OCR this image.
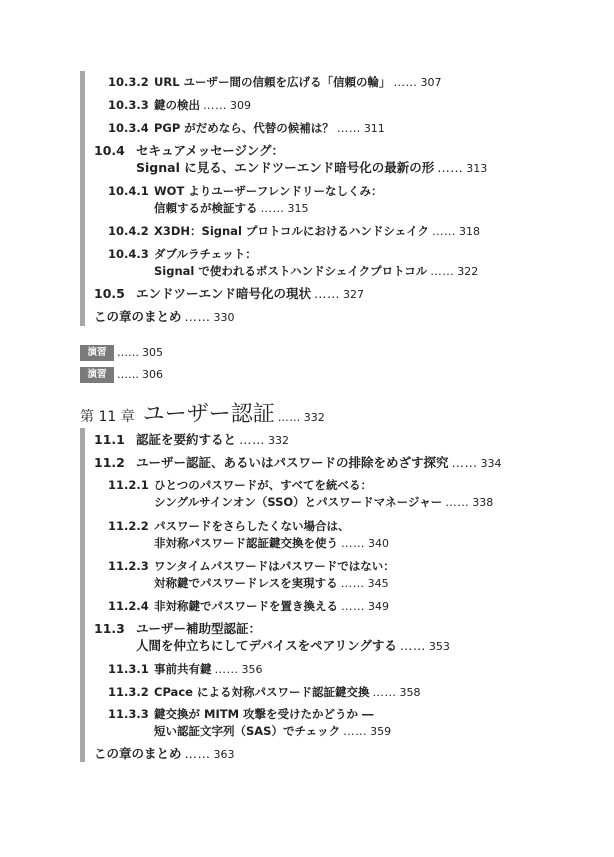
10.3.2 URL ユーザー間の信頼を広げる「信頼の輪」 …… 307
10.3.3 鍵の検出 …… 309
10.3.4 PGP がだめなら、代替の候補は？ …… 311
10.4 セキュアメッセージング：
Signal に見る、エンドツーエンド暗号化の最新の形 …… 313
10.4.1 WOT よりユーザーフレンドリーなしくみ：
信頼するが検証する …… 315
10.4.2 X3DH：Signal プロトコルにおけるハンドシェイク …… 318
10.4.3 ダブルラチェット：
Signal で使われるポストハンドシェイクプロトコル …… 322
10.5 エンドツーエンド暗号化の現状 …… 327
この章のまとめ …… 330
演習 …… 305
演習 …… 306
第 11 章 ユーザー認証 …… 332
11.1 認証を要約すると …… 332
11.2 ユーザー認証、あるいはパスワードの排除をめざす探究 …… 334
11.2.1 ひとつのパスワードが、すべてを統べる：
シングルサインオン（SSO）とパスワードマネージャー …… 338
11.2.2 パスワードをさらしたくない場合は、
非対称パスワード認証鍵交換を使う …… 340
11.2.3 ワンタイムパスワードはパスワードではない：
対称鍵でパスワードレスを実現する …… 345
11.2.4 非対称鍵でパスワードを置き換える …… 349
11.3 ユーザー補助型認証：
人間を仲立ちにしてデバイスをペアリングする …… 353
11.3.1 事前共有鍵 …… 356
11.3.2 CPace による対称パスワード認証鍵交換 …… 358
11.3.3 鍵交換が MITM 攻撃を受けたかどうか ―
短い認証文字列（SAS）でチェック …… 359
この章のまとめ …… 363
